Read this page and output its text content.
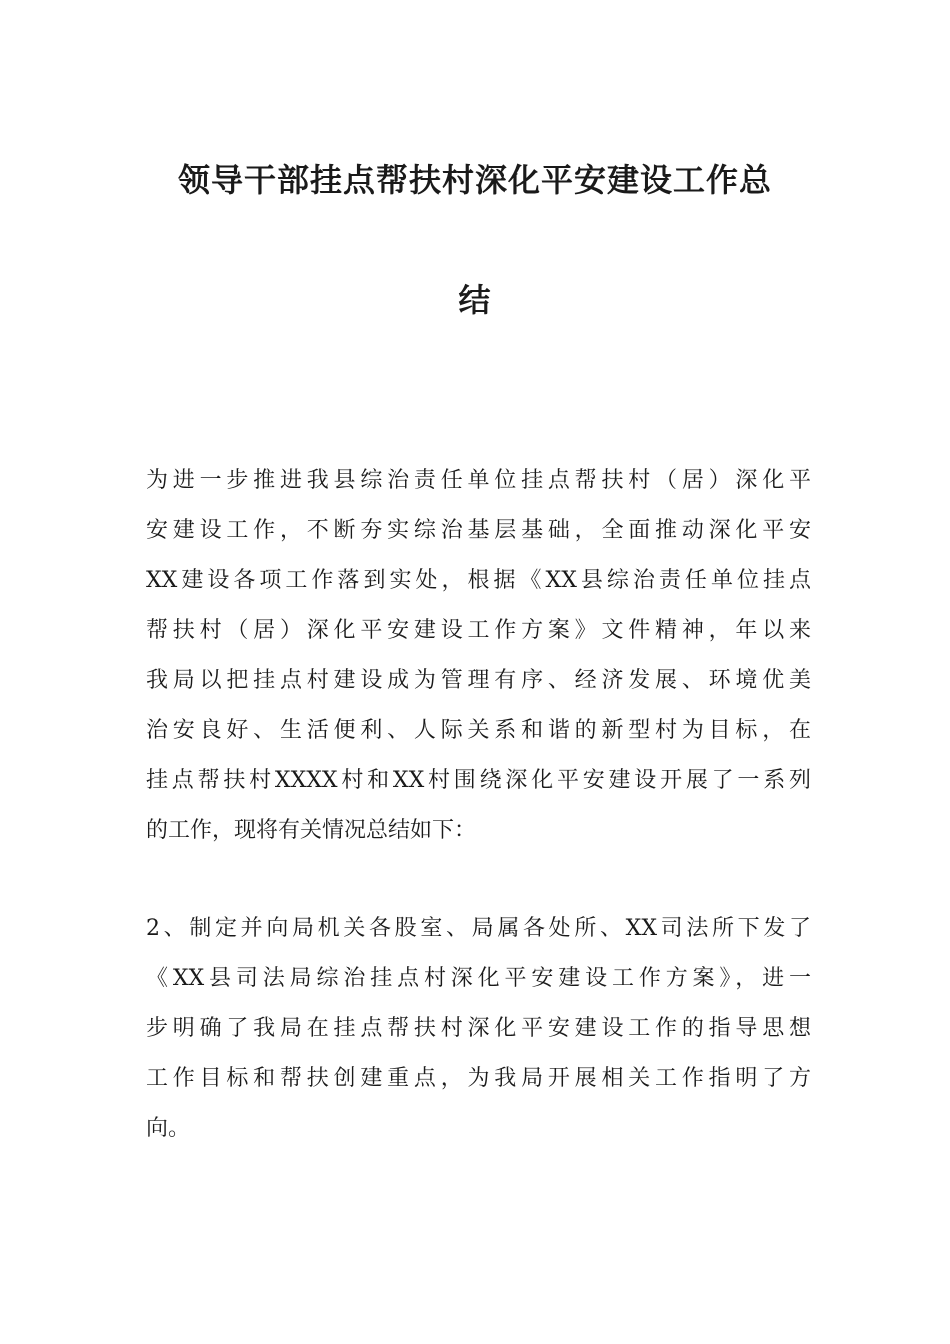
领导干部挂点帮扶村深化平安建设工作总
结
为进一步推进我县综治责任单位挂点帮扶村（居）深化平
安建设工作，不断夯实综治基层基础，全面推动深化平安
XX建设各项工作落到实处，根据《XX县综治责任单位挂点
帮扶村（居）深化平安建设工作方案》文件精神，年以来
我局以把挂点村建设成为管理有序、经济发展、环境优美
治安良好、生活便利、人际关系和谐的新型村为目标，在
挂点帮扶村XXXX村和XX村围绕深化平安建设开展了一系列
的工作，现将有关情况总结如下：
2、制定并向局机关各股室、局属各处所、XX司法所下发了
《XX县司法局综治挂点村深化平安建设工作方案》，进一
步明确了我局在挂点帮扶村深化平安建设工作的指导思想
工作目标和帮扶创建重点，为我局开展相关工作指明了方
向。
